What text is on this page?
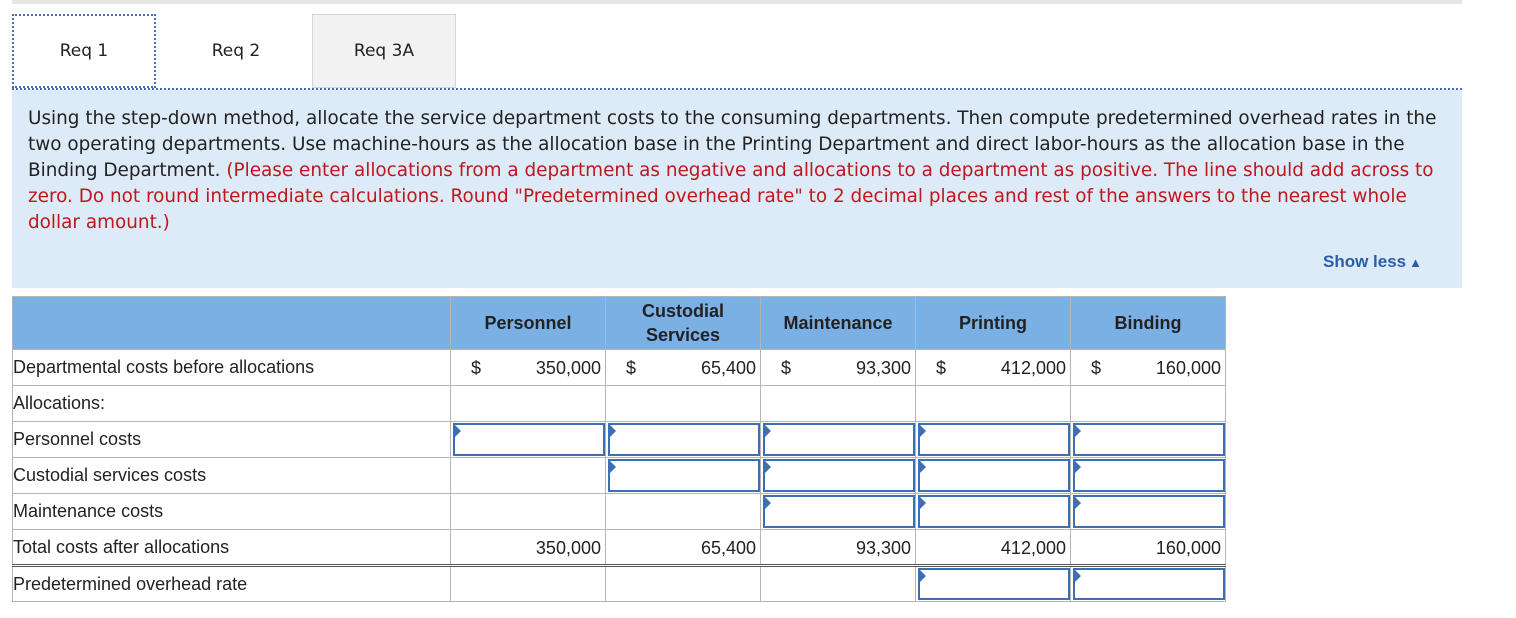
Req 1	Req 2	Req 3A
Using the step-down method, allocate the service department costs to the consuming departments. Then compute predetermined overhead rates in the two operating departments. Use machine-hours as the allocation base in the Printing Department and direct labor-hours as the allocation base in the Binding Department. (Please enter allocations from a department as negative and allocations to a department as positive. The line should add across to zero. Do not round intermediate calculations. Round "Predetermined overhead rate" to 2 decimal places and rest of the answers to the nearest whole dollar amount.)
Show less ▲
	Personnel	Custodial Services	Maintenance	Printing	Binding
Departmental costs before allocations	$ 350,000	$ 65,400	$ 93,300	$ 412,000	$ 160,000

Allocations:					
Personnel costs	

Custodial services costs		

Maintenance costs			

Total costs after allocations	350,000	65,400	93,300	412,000	160,000

Predetermined overhead rate				
